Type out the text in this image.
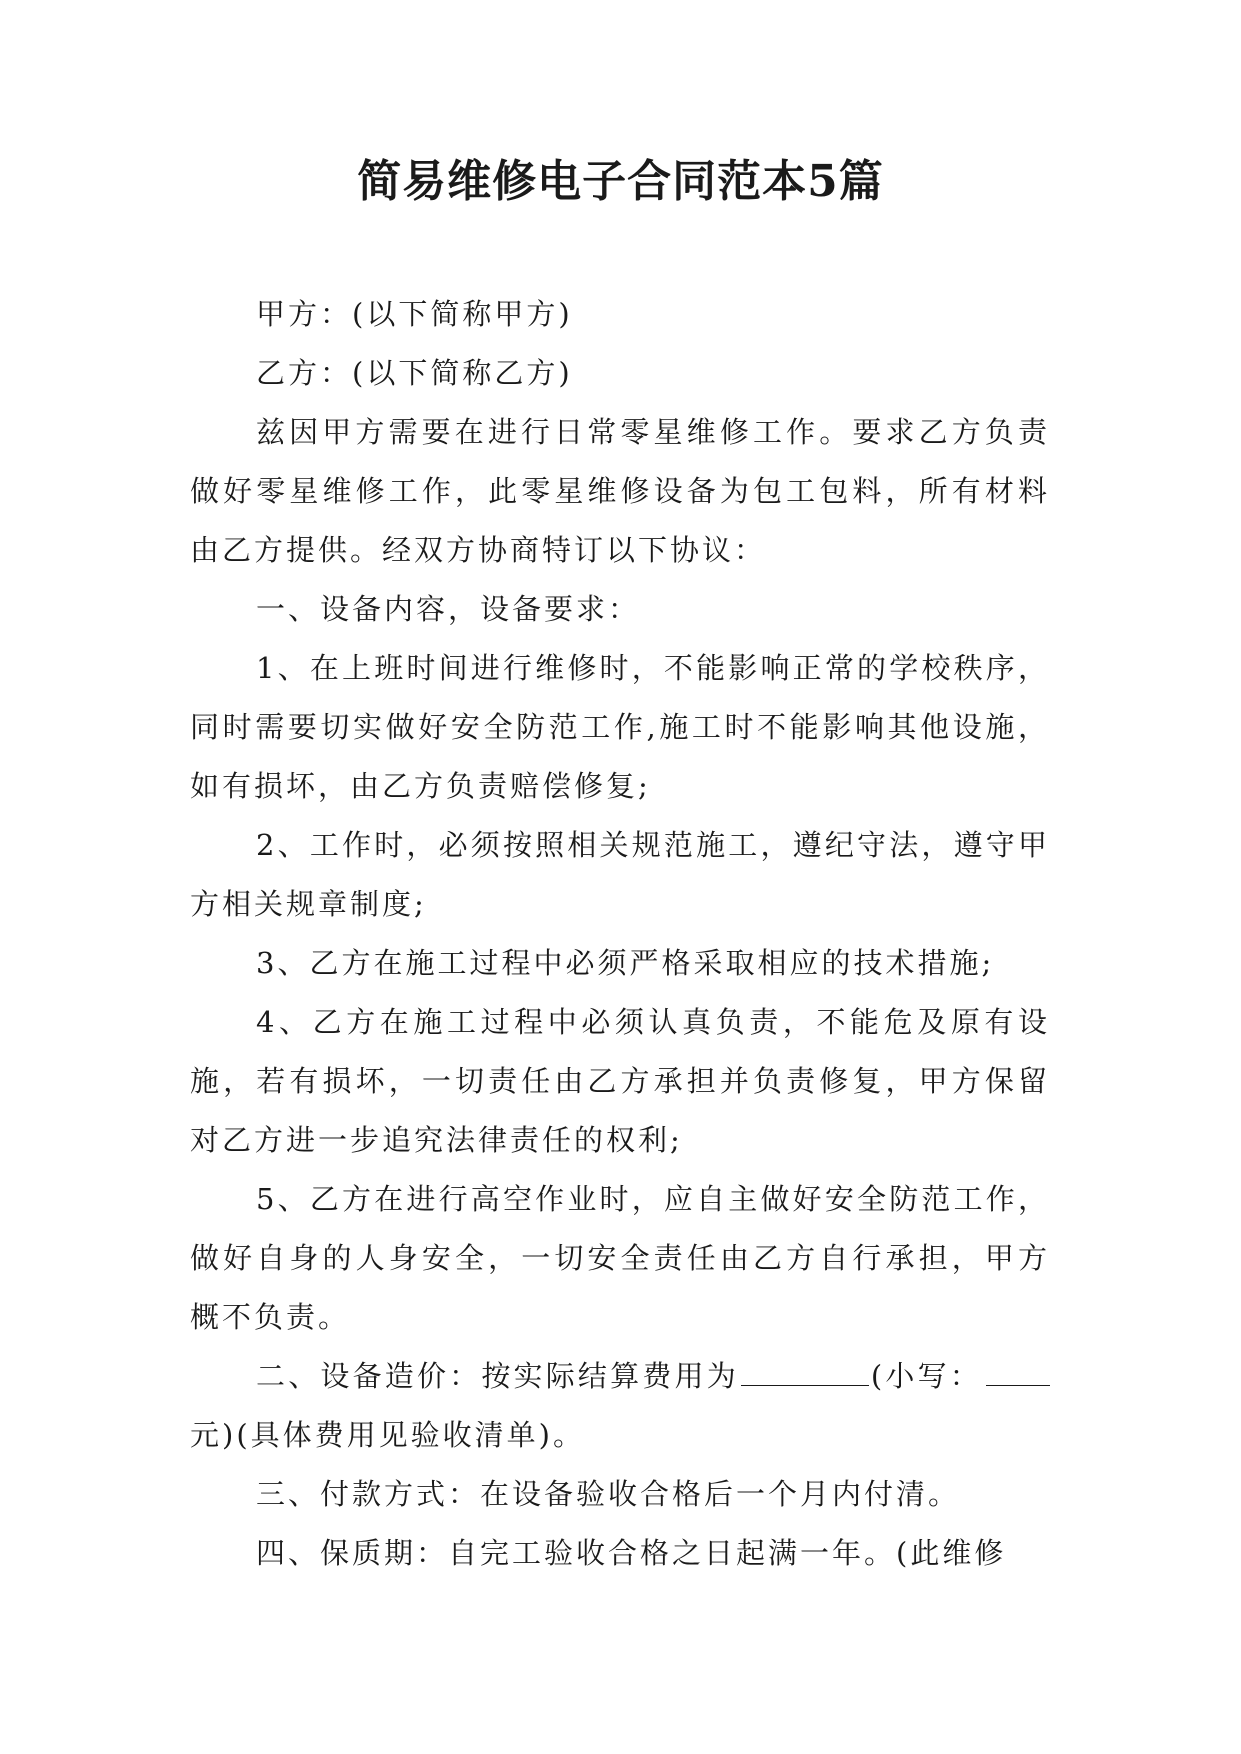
简易维修电子合同范本5篇

甲方：(以下简称甲方)

乙方：(以下简称乙方)

兹因甲方需要在进行日常零星维修工作。要求乙方负责做好零星维修工作，此零星维修设备为包工包料，所有材料由乙方提供。经双方协商特订以下协议：

一、设备内容，设备要求：

1、在上班时间进行维修时，不能影响正常的学校秩序，同时需要切实做好安全防范工作,施工时不能影响其他设施，如有损坏，由乙方负责赔偿修复;

2、工作时，必须按照相关规范施工，遵纪守法，遵守甲方相关规章制度;

3、乙方在施工过程中必须严格采取相应的技术措施;

4、乙方在施工过程中必须认真负责，不能危及原有设施，若有损坏，一切责任由乙方承担并负责修复，甲方保留对乙方进一步追究法律责任的权利;

5、乙方在进行高空作业时，应自主做好安全防范工作，做好自身的人身安全，一切安全责任由乙方自行承担，甲方概不负责。

二、设备造价：按实际结算费用为	(小写：元)(具体费用见验收清单)。

三、付款方式：在设备验收合格后一个月内付清。

四、保质期：自完工验收合格之日起满一年。(此维修
